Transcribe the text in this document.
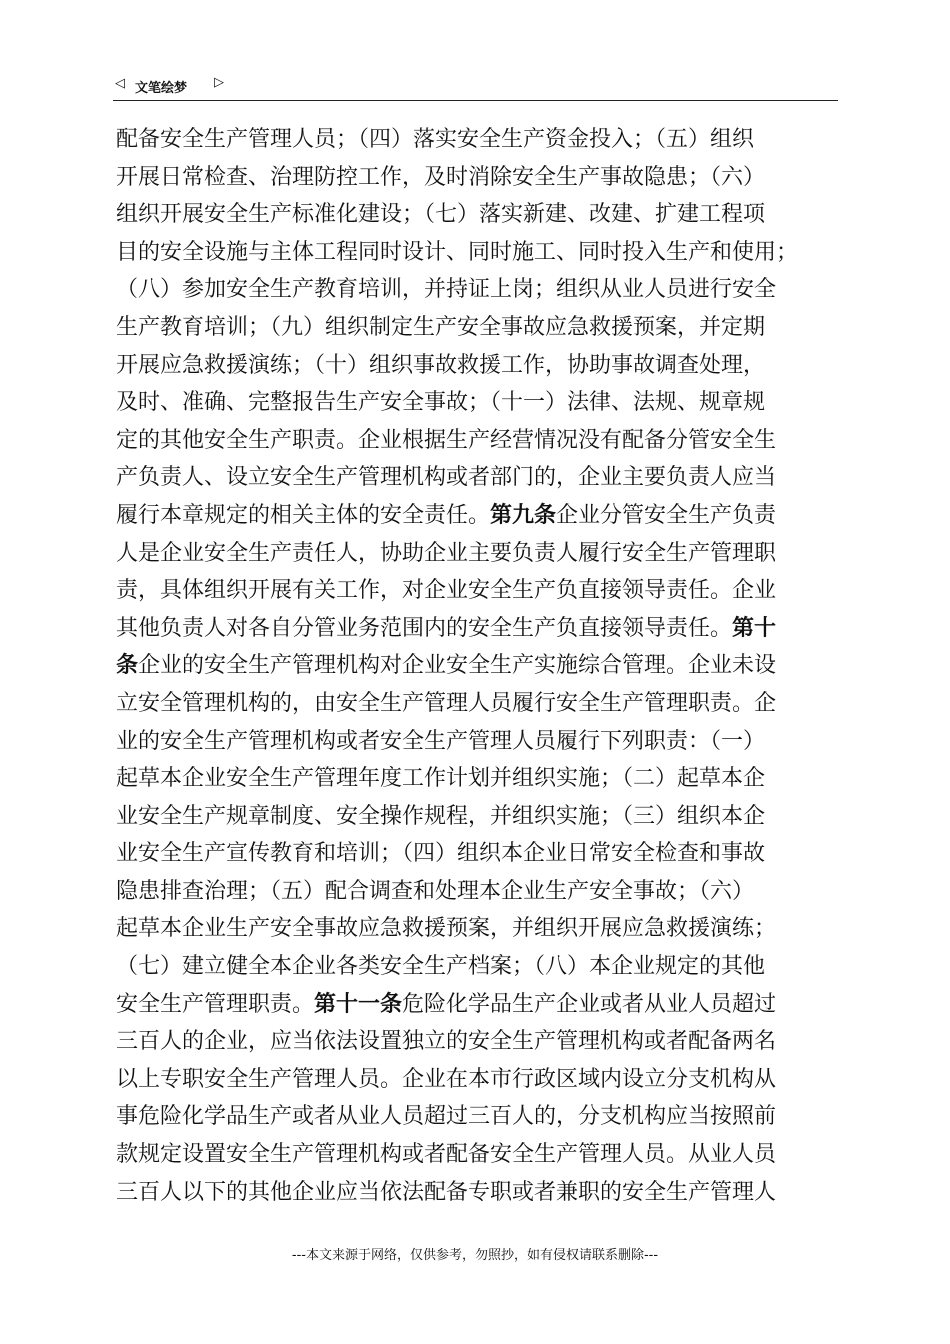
◁ 文笔绘梦 ▷
配备安全生产管理人员；（四）落实安全生产资金投入；（五）组织
开展日常检查、治理防控工作，及时消除安全生产事故隐患；（六）
组织开展安全生产标准化建设；（七）落实新建、改建、扩建工程项
目的安全设施与主体工程同时设计、同时施工、同时投入生产和使用；
（八）参加安全生产教育培训，并持证上岗；组织从业人员进行安全
生产教育培训；（九）组织制定生产安全事故应急救援预案，并定期
开展应急救援演练；（十）组织事故救援工作，协助事故调查处理，
及时、准确、完整报告生产安全事故；（十一）法律、法规、规章规
定的其他安全生产职责。企业根据生产经营情况没有配备分管安全生
产负责人、设立安全生产管理机构或者部门的，企业主要负责人应当
履行本章规定的相关主体的安全责任。第九条企业分管安全生产负责
人是企业安全生产责任人，协助企业主要负责人履行安全生产管理职
责，具体组织开展有关工作，对企业安全生产负直接领导责任。企业
其他负责人对各自分管业务范围内的安全生产负直接领导责任。第十
条企业的安全生产管理机构对企业安全生产实施综合管理。企业未设
立安全管理机构的，由安全生产管理人员履行安全生产管理职责。企
业的安全生产管理机构或者安全生产管理人员履行下列职责：（一）
起草本企业安全生产管理年度工作计划并组织实施；（二）起草本企
业安全生产规章制度、安全操作规程，并组织实施；（三）组织本企
业安全生产宣传教育和培训；（四）组织本企业日常安全检查和事故
隐患排查治理；（五）配合调查和处理本企业生产安全事故；（六）
起草本企业生产安全事故应急救援预案，并组织开展应急救援演练；
（七）建立健全本企业各类安全生产档案；（八）本企业规定的其他
安全生产管理职责。第十一条危险化学品生产企业或者从业人员超过
三百人的企业，应当依法设置独立的安全生产管理机构或者配备两名
以上专职安全生产管理人员。企业在本市行政区域内设立分支机构从
事危险化学品生产或者从业人员超过三百人的，分支机构应当按照前
款规定设置安全生产管理机构或者配备安全生产管理人员。从业人员
三百人以下的其他企业应当依法配备专职或者兼职的安全生产管理人
---本文来源于网络，仅供参考，勿照抄，如有侵权请联系删除---
